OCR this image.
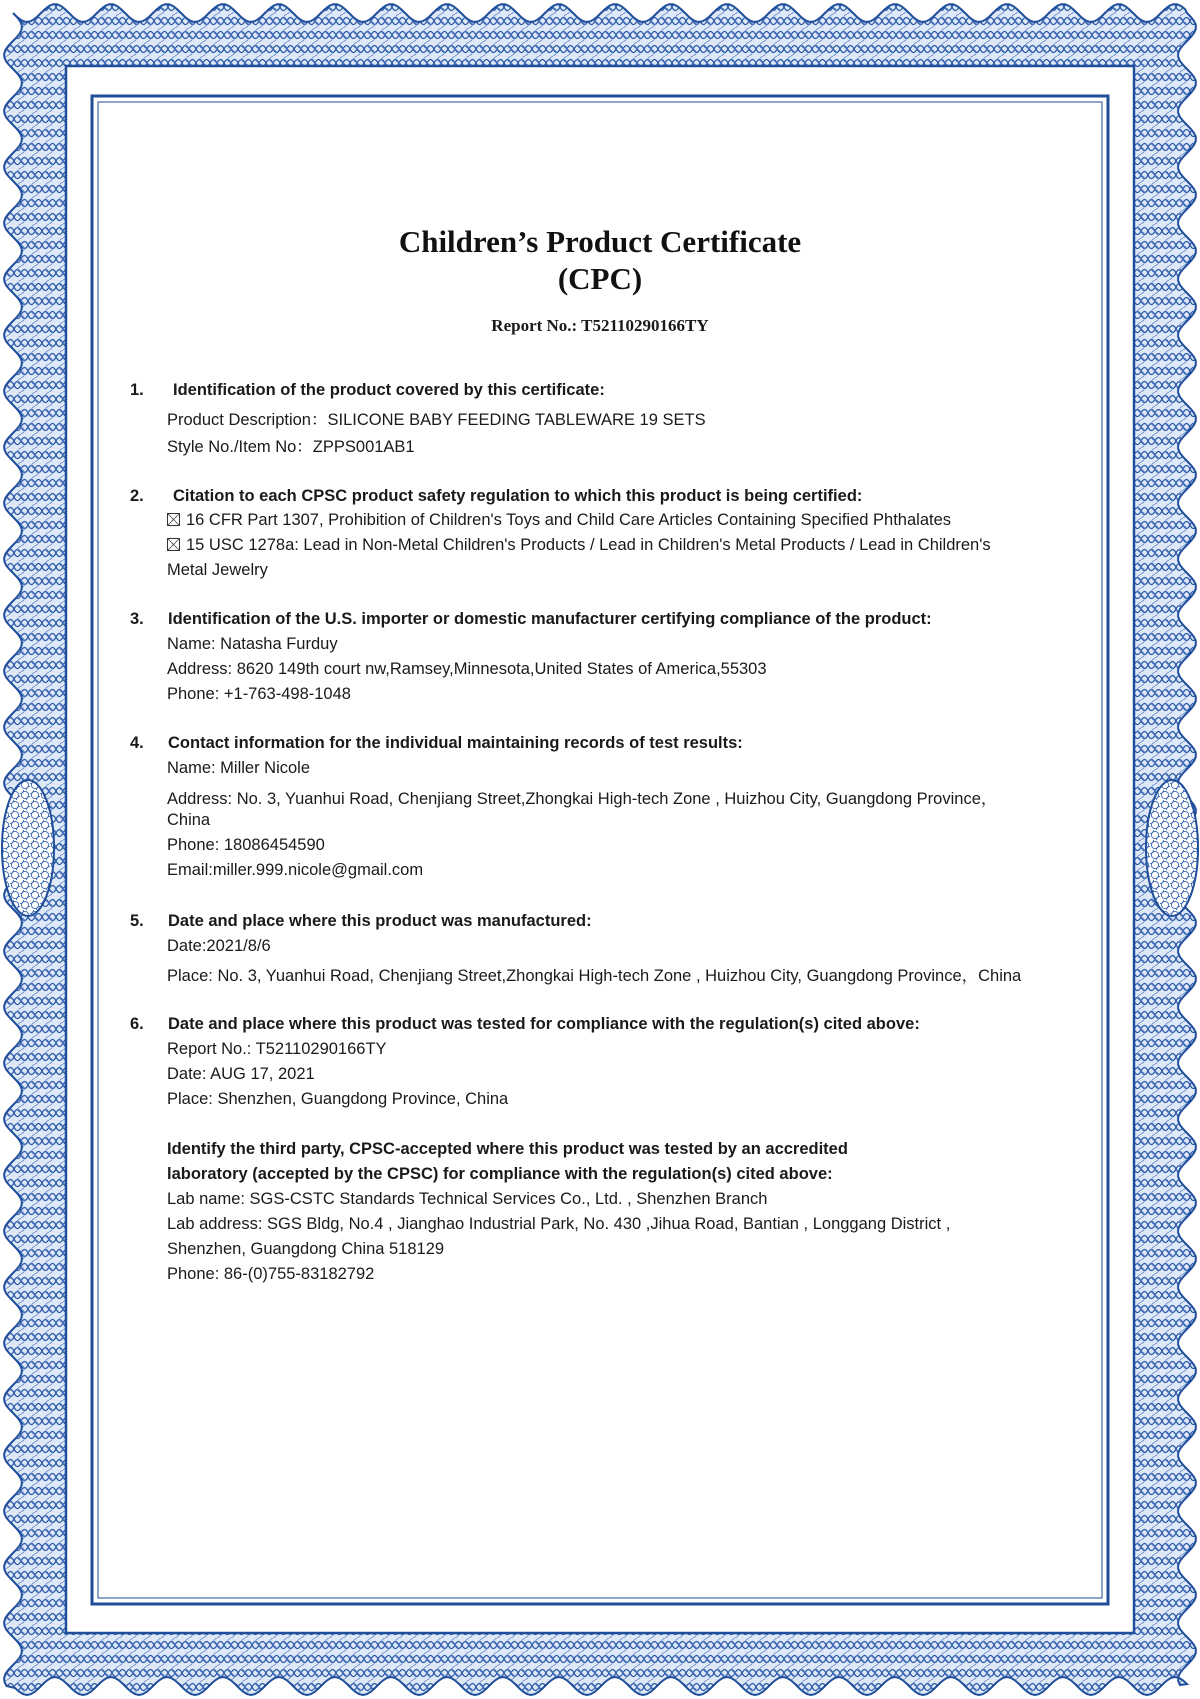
Children’s Product Certificate
(CPC)
Report No.: T52110290166TY
1. Identification of the product covered by this certificate:
Product Description：SILICONE BABY FEEDING TABLEWARE 19 SETS
Style No./Item No：ZPPS001AB1
2. Citation to each CPSC product safety regulation to which this product is being certified:
16 CFR Part 1307, Prohibition of Children's Toys and Child Care Articles Containing Specified Phthalates
15 USC 1278a: Lead in Non-Metal Children's Products / Lead in Children's Metal Products / Lead in Children's
Metal Jewelry
3. Identification of the U.S. importer or domestic manufacturer certifying compliance of the product:
Name: Natasha Furduy
Address: 8620 149th court nw,Ramsey,Minnesota,United States of America,55303
Phone: +1-763-498-1048
4. Contact information for the individual maintaining records of test results:
Name: Miller Nicole
Address: No. 3, Yuanhui Road, Chenjiang Street,Zhongkai High-tech Zone , Huizhou City, Guangdong Province，
China
Phone: 18086454590
Email:miller.999.nicole@gmail.com
5. Date and place where this product was manufactured:
Date:2021/8/6
Place: No. 3, Yuanhui Road, Chenjiang Street,Zhongkai High-tech Zone , Huizhou City, Guangdong Province，China
6. Date and place where this product was tested for compliance with the regulation(s) cited above:
Report No.: T52110290166TY
Date: AUG 17, 2021
Place: Shenzhen, Guangdong Province, China
Identify the third party, CPSC-accepted where this product was tested by an accredited
laboratory (accepted by the CPSC) for compliance with the regulation(s) cited above:
Lab name: SGS-CSTC Standards Technical Services Co., Ltd. , Shenzhen Branch
Lab address: SGS Bldg, No.4 , Jianghao Industrial Park, No. 430 ,Jihua Road, Bantian , Longgang District ,
Shenzhen, Guangdong China 518129
Phone: 86-(0)755-83182792
